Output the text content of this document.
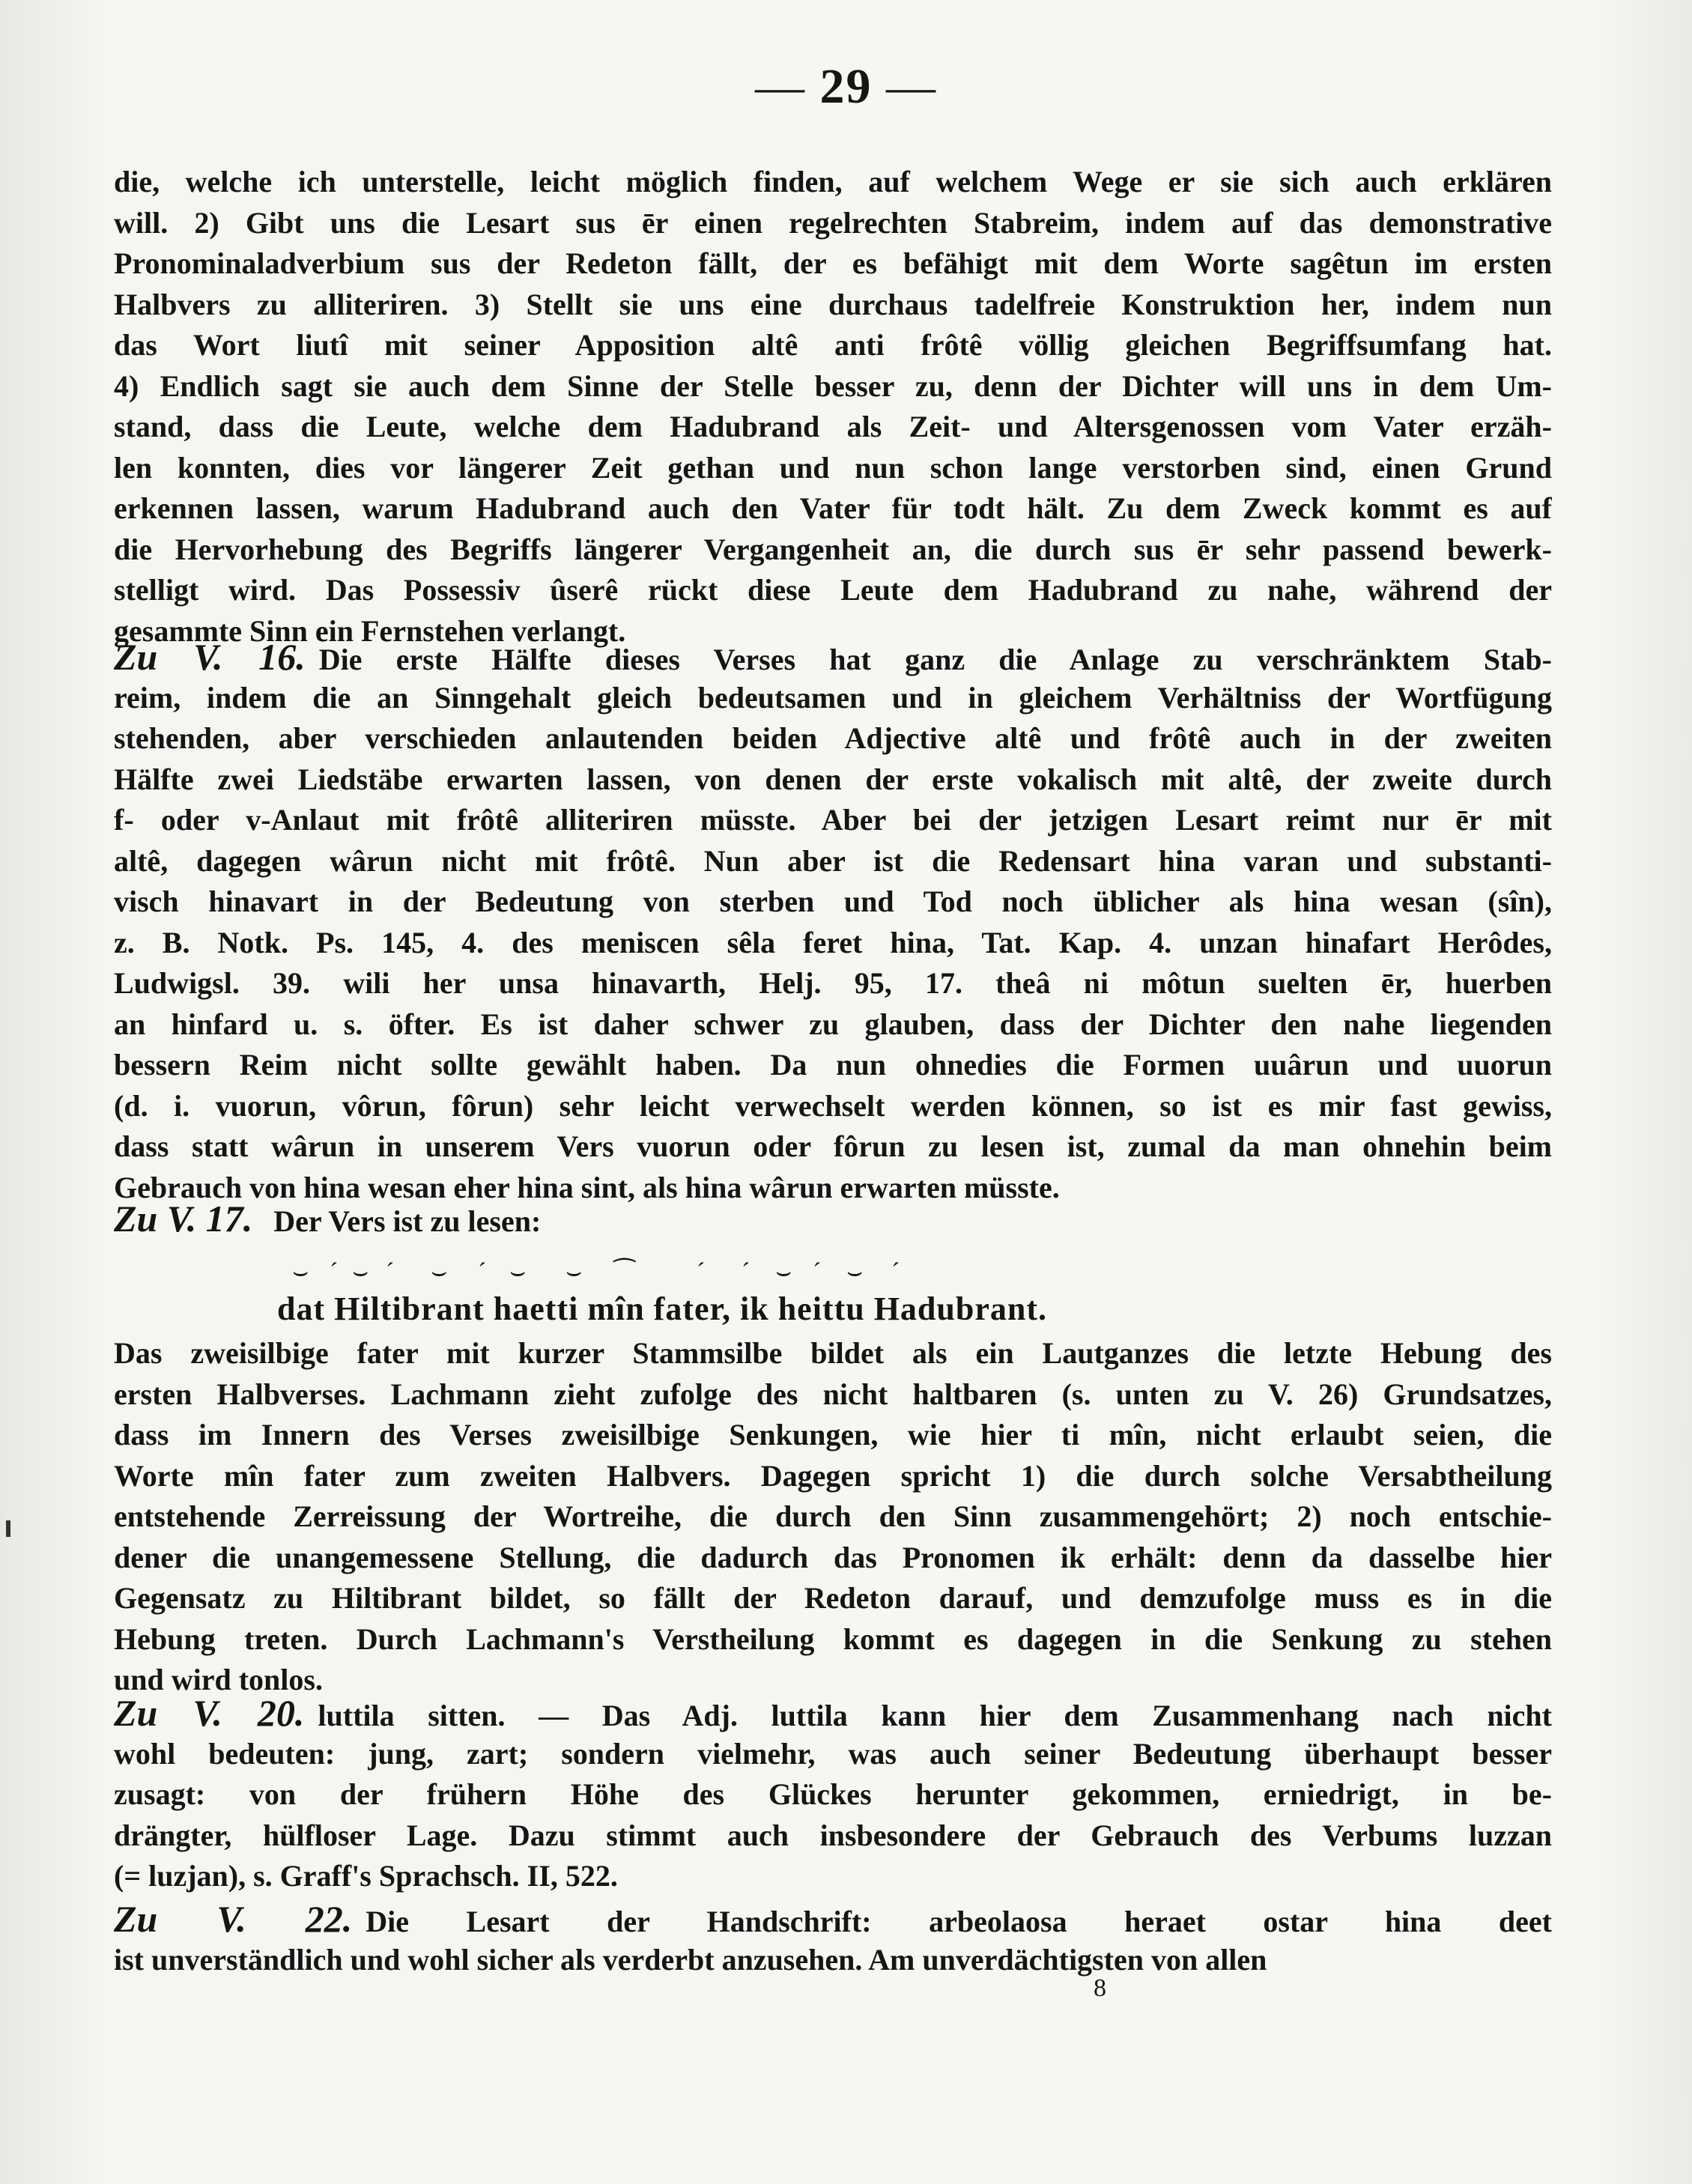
— 29 —
die, welche ich unterstelle, leicht möglich finden, auf welchem Wege er sie sich auch erklären
will. 2) Gibt uns die Lesart sus ēr einen regelrechten Stabreim, indem auf das demonstrative
Pronominaladverbium sus der Redeton fällt, der es befähigt mit dem Worte sagêtun im ersten
Halbvers zu alliteriren. 3) Stellt sie uns eine durchaus tadelfreie Konstruktion her, indem nun
das Wort liutî mit seiner Apposition altê anti frôtê völlig gleichen Begriffsumfang hat.
4) Endlich sagt sie auch dem Sinne der Stelle besser zu, denn der Dichter will uns in dem Um-
stand, dass die Leute, welche dem Hadubrand als Zeit- und Altersgenossen vom Vater erzäh-
len konnten, dies vor längerer Zeit gethan und nun schon lange verstorben sind, einen Grund
erkennen lassen, warum Hadubrand auch den Vater für todt hält. Zu dem Zweck kommt es auf
die Hervorhebung des Begriffs längerer Vergangenheit an, die durch sus ēr sehr passend bewerk-
stelligt wird. Das Possessiv ûserê rückt diese Leute dem Hadubrand zu nahe, während der
gesammte Sinn ein Fernstehen verlangt.
Zu V. 16. Die erste Hälfte dieses Verses hat ganz die Anlage zu verschränktem Stab-
reim, indem die an Sinngehalt gleich bedeutsamen und in gleichem Verhältniss der Wortfügung
stehenden, aber verschieden anlautenden beiden Adjective altê und frôtê auch in der zweiten
Hälfte zwei Liedstäbe erwarten lassen, von denen der erste vokalisch mit altê, der zweite durch
f- oder v-Anlaut mit frôtê alliteriren müsste. Aber bei der jetzigen Lesart reimt nur ēr mit
altê, dagegen wârun nicht mit frôtê. Nun aber ist die Redensart hina varan und substanti-
visch hinavart in der Bedeutung von sterben und Tod noch üblicher als hina wesan (sîn),
z. B. Notk. Ps. 145, 4. des meniscen sêla feret hina, Tat. Kap. 4. unzan hinafart Herôdes,
Ludwigsl. 39. wili her unsa hinavarth, Helj. 95, 17. theâ ni môtun suelten ēr, huerben
an hinfard u. s. öfter. Es ist daher schwer zu glauben, dass der Dichter den nahe liegenden
bessern Reim nicht sollte gewählt haben. Da nun ohnedies die Formen uuârun und uuorun
(d. i. vuorun, vôrun, fôrun) sehr leicht verwechselt werden können, so ist es mir fast gewiss,
dass statt wârun in unserem Vers vuorun oder fôrun zu lesen ist, zumal da man ohnehin beim
Gebrauch von hina wesan eher hina sint, als hina wârun erwarten müsste.
Zu V. 17. Der Vers ist zu lesen:
⌣ ˊ ⌣ ˊ ⌣ ˊ ⌣ ⌣ ⁀ ˊ ˊ ⌣ ˊ ⌣ ˊ
dat Hiltibrant haetti mîn fater, ik heittu Hadubrant.
Das zweisilbige fater mit kurzer Stammsilbe bildet als ein Lautganzes die letzte Hebung des
ersten Halbverses. Lachmann zieht zufolge des nicht haltbaren (s. unten zu V. 26) Grundsatzes,
dass im Innern des Verses zweisilbige Senkungen, wie hier ti mîn, nicht erlaubt seien, die
Worte mîn fater zum zweiten Halbvers. Dagegen spricht 1) die durch solche Versabtheilung
entstehende Zerreissung der Wortreihe, die durch den Sinn zusammengehört; 2) noch entschie-
dener die unangemessene Stellung, die dadurch das Pronomen ik erhält: denn da dasselbe hier
Gegensatz zu Hiltibrant bildet, so fällt der Redeton darauf, und demzufolge muss es in die
Hebung treten. Durch Lachmann's Verstheilung kommt es dagegen in die Senkung zu stehen
und wird tonlos.
Zu V. 20. luttila sitten. — Das Adj. luttila kann hier dem Zusammenhang nach nicht
wohl bedeuten: jung, zart; sondern vielmehr, was auch seiner Bedeutung überhaupt besser
zusagt: von der frühern Höhe des Glückes herunter gekommen, erniedrigt, in be-
drängter, hülfloser Lage. Dazu stimmt auch insbesondere der Gebrauch des Verbums luzzan
(= luzjan), s. Graff's Sprachsch. II, 522.
Zu V. 22. Die Lesart der Handschrift: arbeolaosa heraet ostar hina deet
ist unverständlich und wohl sicher als verderbt anzusehen. Am unverdächtigsten von allen
8
